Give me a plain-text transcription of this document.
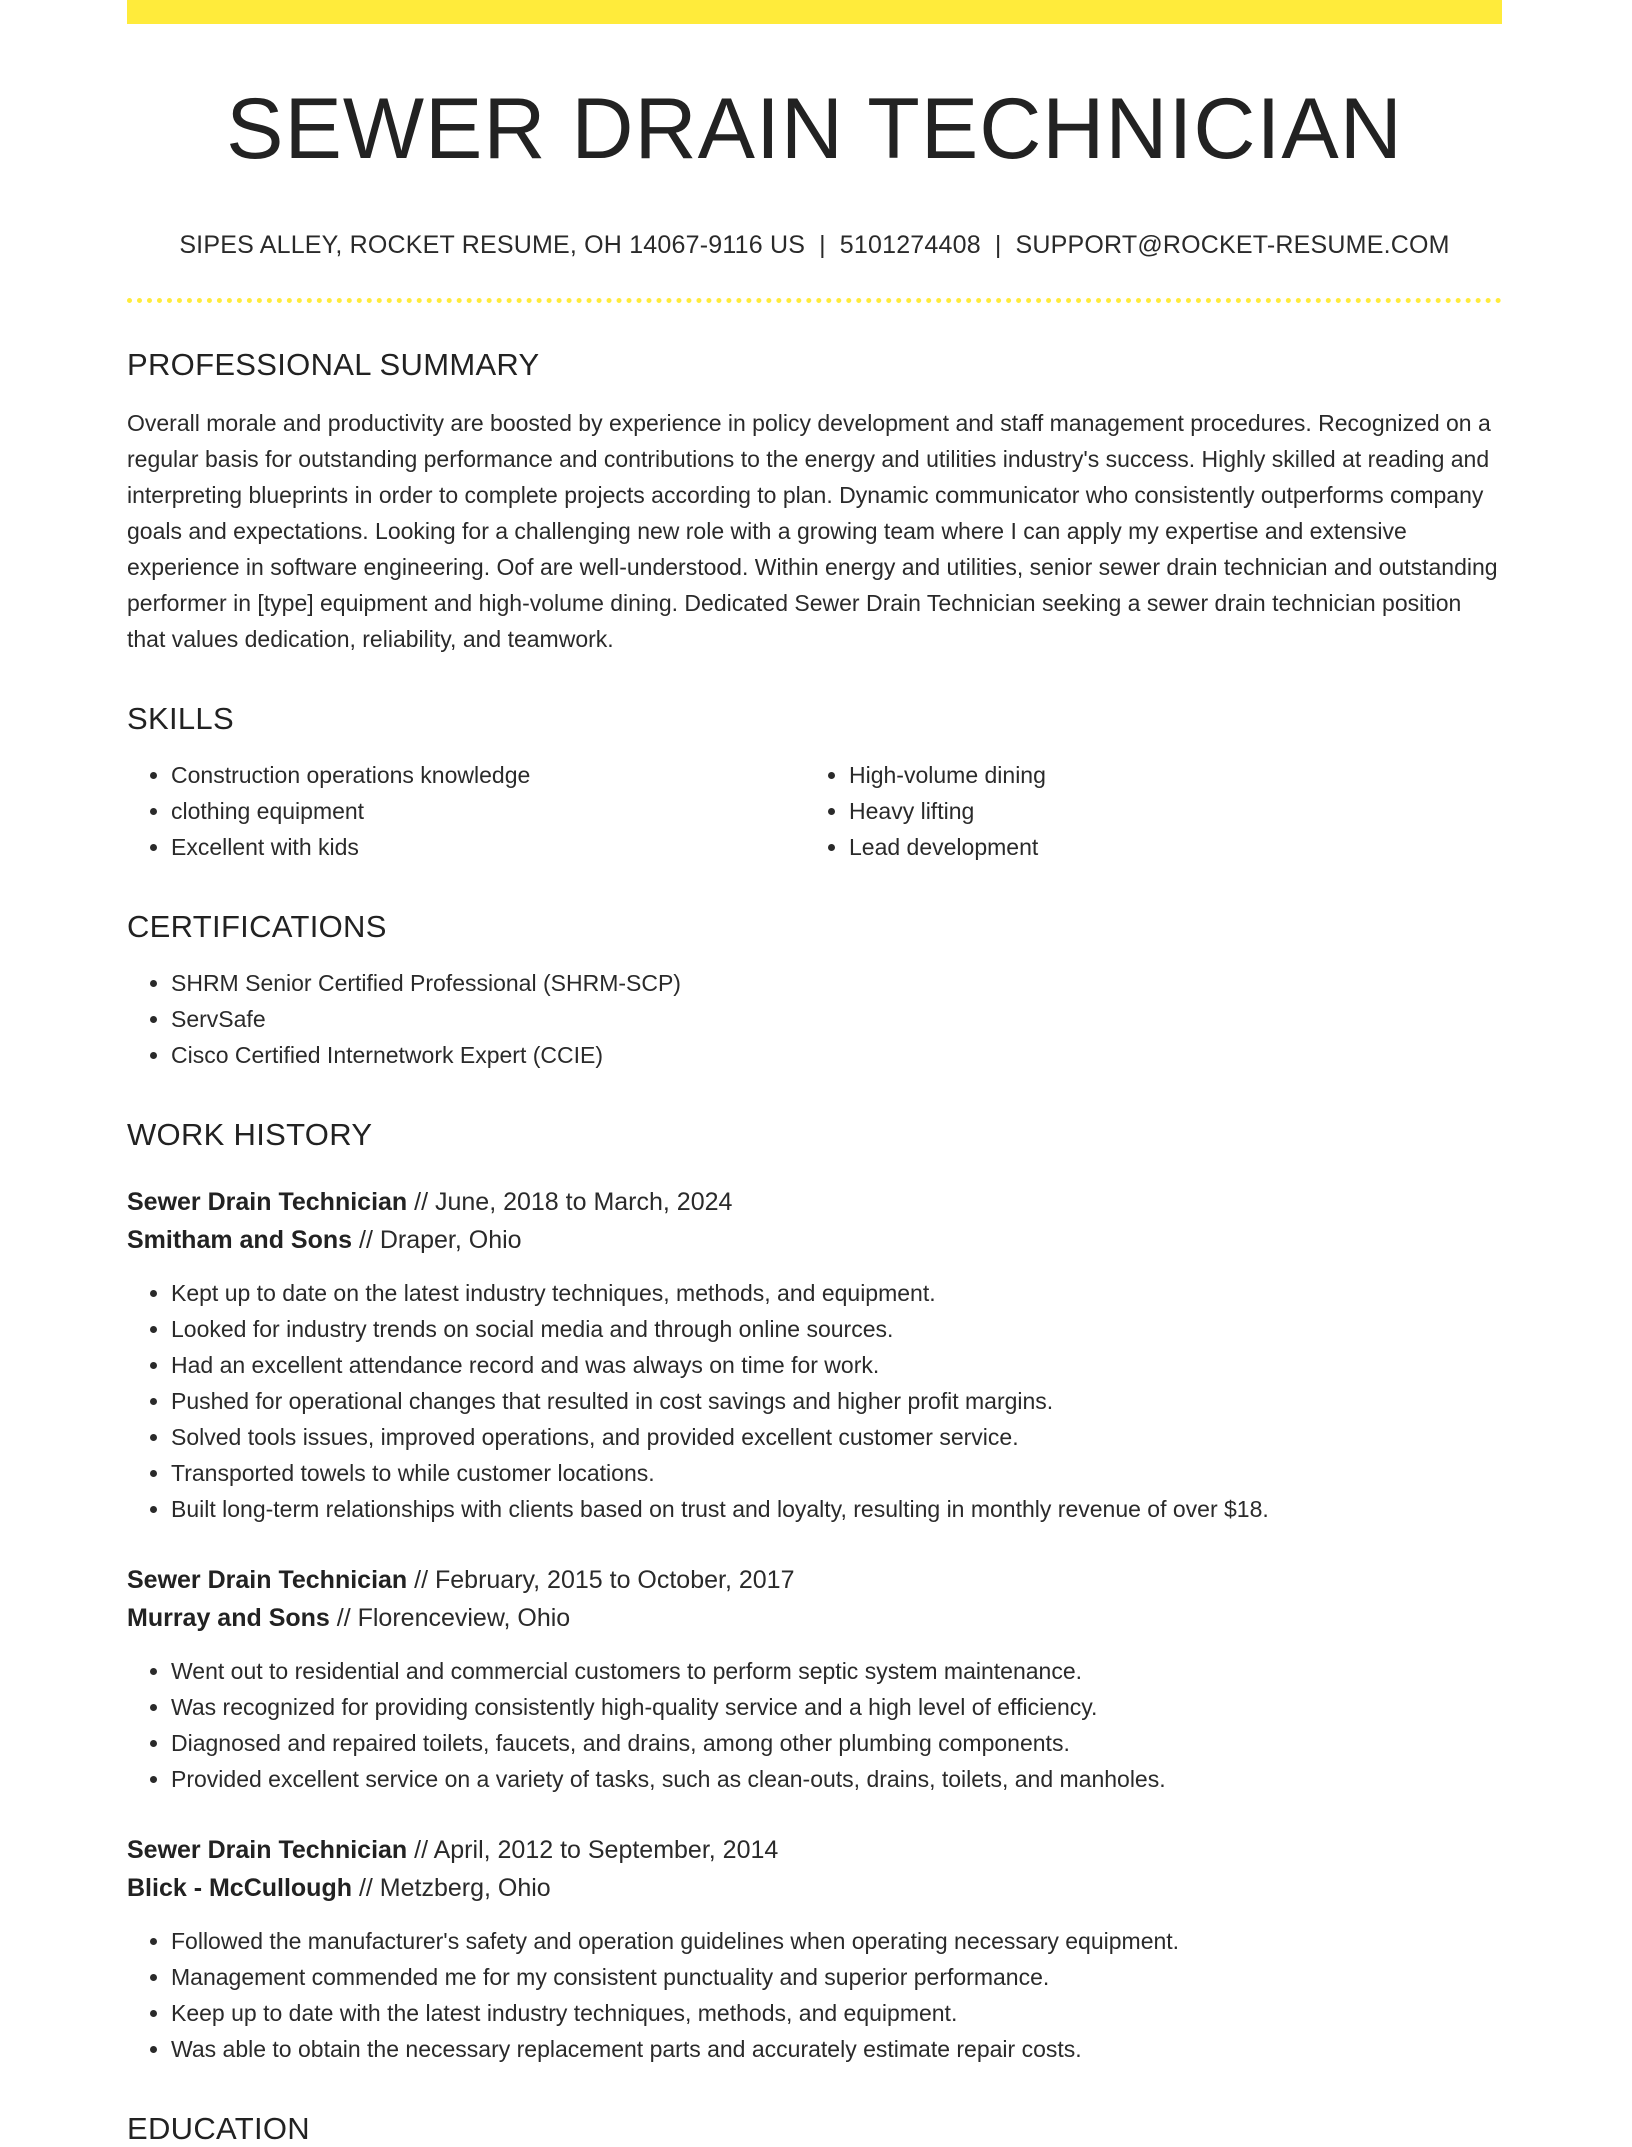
SEWER DRAIN TECHNICIAN
SIPES ALLEY, ROCKET RESUME, OH 14067-9116 US | 5101274408 | SUPPORT@ROCKET-RESUME.COM
PROFESSIONAL SUMMARY
Overall morale and productivity are boosted by experience in policy development and staff management procedures. Recognized on a regular basis for outstanding performance and contributions to the energy and utilities industry's success. Highly skilled at reading and interpreting blueprints in order to complete projects according to plan. Dynamic communicator who consistently outperforms company goals and expectations. Looking for a challenging new role with a growing team where I can apply my expertise and extensive experience in software engineering. Oof are well-understood. Within energy and utilities, senior sewer drain technician and outstanding performer in [type] equipment and high-volume dining. Dedicated Sewer Drain Technician seeking a sewer drain technician position that values dedication, reliability, and teamwork.
SKILLS
• Construction operations knowledge
• clothing equipment
• Excellent with kids
• High-volume dining
• Heavy lifting
• Lead development
CERTIFICATIONS
• SHRM Senior Certified Professional (SHRM-SCP)
• ServSafe
• Cisco Certified Internetwork Expert (CCIE)
WORK HISTORY
Sewer Drain Technician // June, 2018 to March, 2024
Smitham and Sons // Draper, Ohio
• Kept up to date on the latest industry techniques, methods, and equipment.
• Looked for industry trends on social media and through online sources.
• Had an excellent attendance record and was always on time for work.
• Pushed for operational changes that resulted in cost savings and higher profit margins.
• Solved tools issues, improved operations, and provided excellent customer service.
• Transported towels to while customer locations.
• Built long-term relationships with clients based on trust and loyalty, resulting in monthly revenue of over $18.
Sewer Drain Technician // February, 2015 to October, 2017
Murray and Sons // Florenceview, Ohio
• Went out to residential and commercial customers to perform septic system maintenance.
• Was recognized for providing consistently high-quality service and a high level of efficiency.
• Diagnosed and repaired toilets, faucets, and drains, among other plumbing components.
• Provided excellent service on a variety of tasks, such as clean-outs, drains, toilets, and manholes.
Sewer Drain Technician // April, 2012 to September, 2014
Blick - McCullough // Metzberg, Ohio
• Followed the manufacturer's safety and operation guidelines when operating necessary equipment.
• Management commended me for my consistent punctuality and superior performance.
• Keep up to date with the latest industry techniques, methods, and equipment.
• Was able to obtain the necessary replacement parts and accurately estimate repair costs.
EDUCATION
